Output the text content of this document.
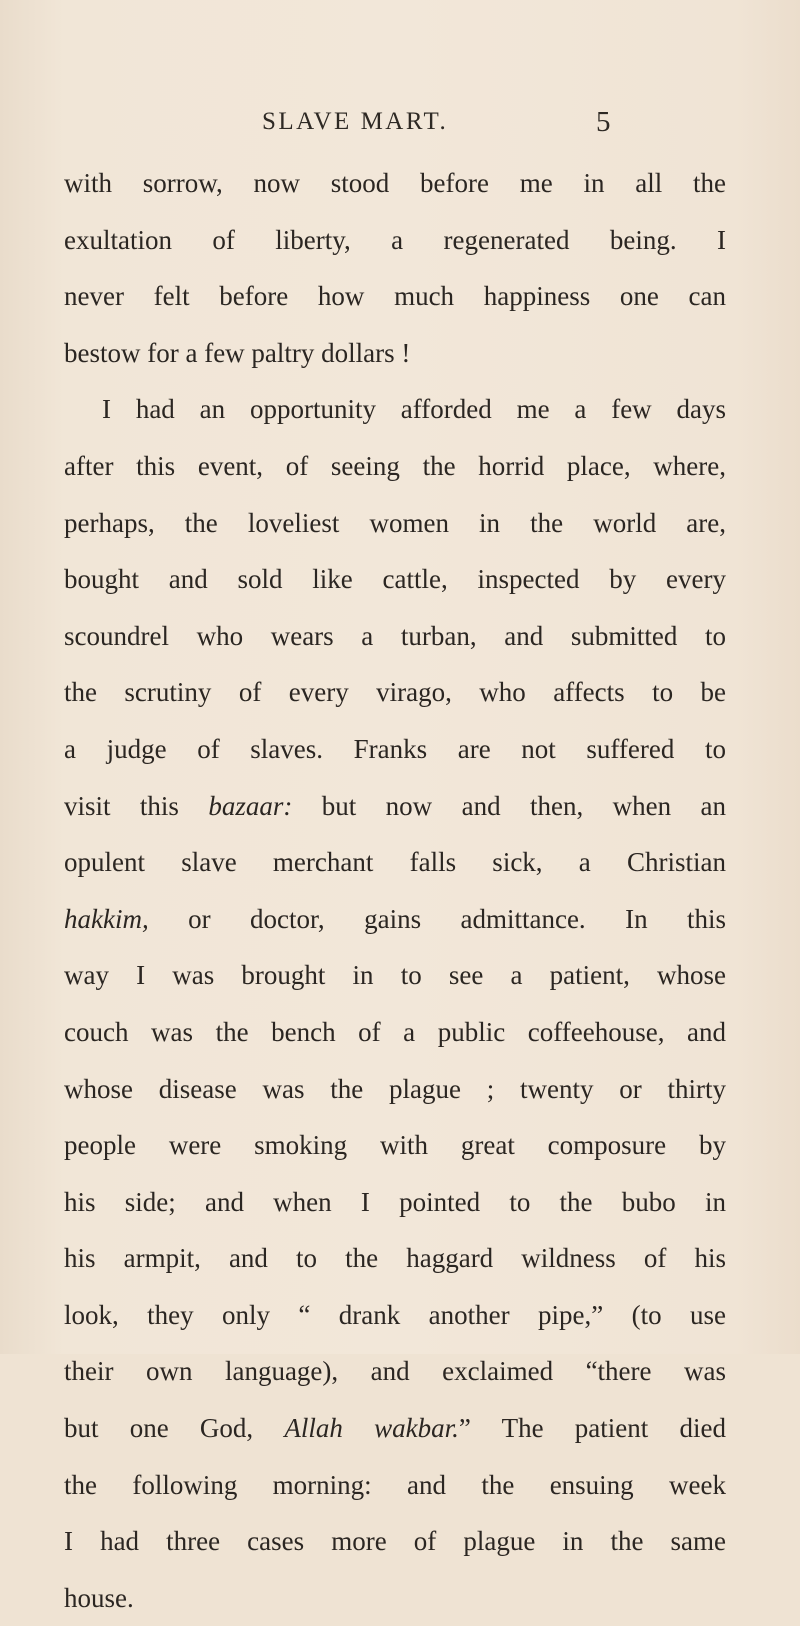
SLAVE MART.	5
with sorrow, now stood before me in all the
exultation of liberty, a regenerated being. I
never felt before how much happiness one can
bestow for a few paltry dollars !
I had an opportunity afforded me a few days
after this event, of seeing the horrid place, where,
perhaps, the loveliest women in the world are,
bought and sold like cattle, inspected by every
scoundrel who wears a turban, and submitted to
the scrutiny of every virago, who affects to be
a judge of slaves. Franks are not suffered to
visit this bazaar: but now and then, when an
opulent slave merchant falls sick, a Christian
hakkim, or doctor, gains admittance. In this
way I was brought in to see a patient, whose
couch was the bench of a public coffeehouse, and
whose disease was the plague ; twenty or thirty
people were smoking with great composure by
his side; and when I pointed to the bubo in
his armpit, and to the haggard wildness of his
look, they only “ drank another pipe,” (to use
their own language), and exclaimed “there was
but one God, Allah wakbar.” The patient died
the following morning: and the ensuing week
I had three cases more of plague in the same
house.
